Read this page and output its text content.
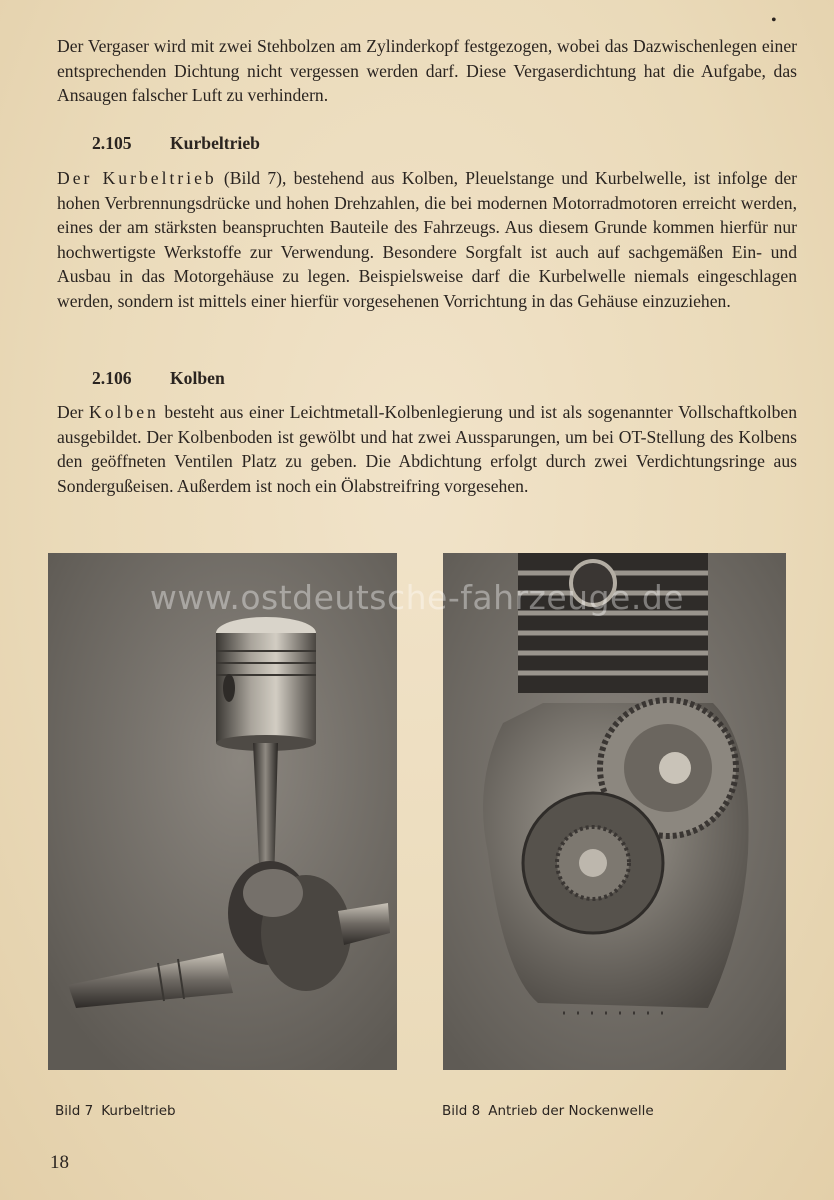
•

Der Vergaser wird mit zwei Stehbolzen am Zylinderkopf festgezogen, wobei das Dazwischenlegen einer entsprechenden Dichtung nicht vergessen werden darf. Diese Vergaserdichtung hat die Aufgabe, das Ansaugen falscher Luft zu verhindern.

2.105 Kurbeltrieb

Der Kurbeltrieb (Bild 7), bestehend aus Kolben, Pleuelstange und Kurbelwelle, ist infolge der hohen Verbrennungsdrücke und hohen Drehzahlen, die bei modernen Motorradmotoren erreicht werden, eines der am stärksten beanspruchten Bauteile des Fahrzeugs. Aus diesem Grunde kommen hierfür nur hochwertigste Werkstoffe zur Verwendung. Besondere Sorgfalt ist auch auf sachgemäßen Ein- und Ausbau in das Motorgehäuse zu legen. Beispielsweise darf die Kurbelwelle niemals eingeschlagen werden, sondern ist mittels einer hierfür vorgesehenen Vorrichtung in das Gehäuse einzuziehen.

2.106 Kolben

Der Kolben besteht aus einer Leichtmetall-Kolbenlegierung und ist als sogenannter Vollschaftkolben ausgebildet. Der Kolbenboden ist gewölbt und hat zwei Aussparungen, um bei OT-Stellung des Kolbens den geöffneten Ventilen Platz zu geben. Die Abdichtung erfolgt durch zwei Verdichtungsringe aus Sondergußeisen. Außerdem ist noch ein Ölabstreifring vorgesehen.

www.ostdeutsche-fahrzeuge.de
Bild 7 Kurbeltrieb	Bild 8 Antrieb der Nockenwelle
18
